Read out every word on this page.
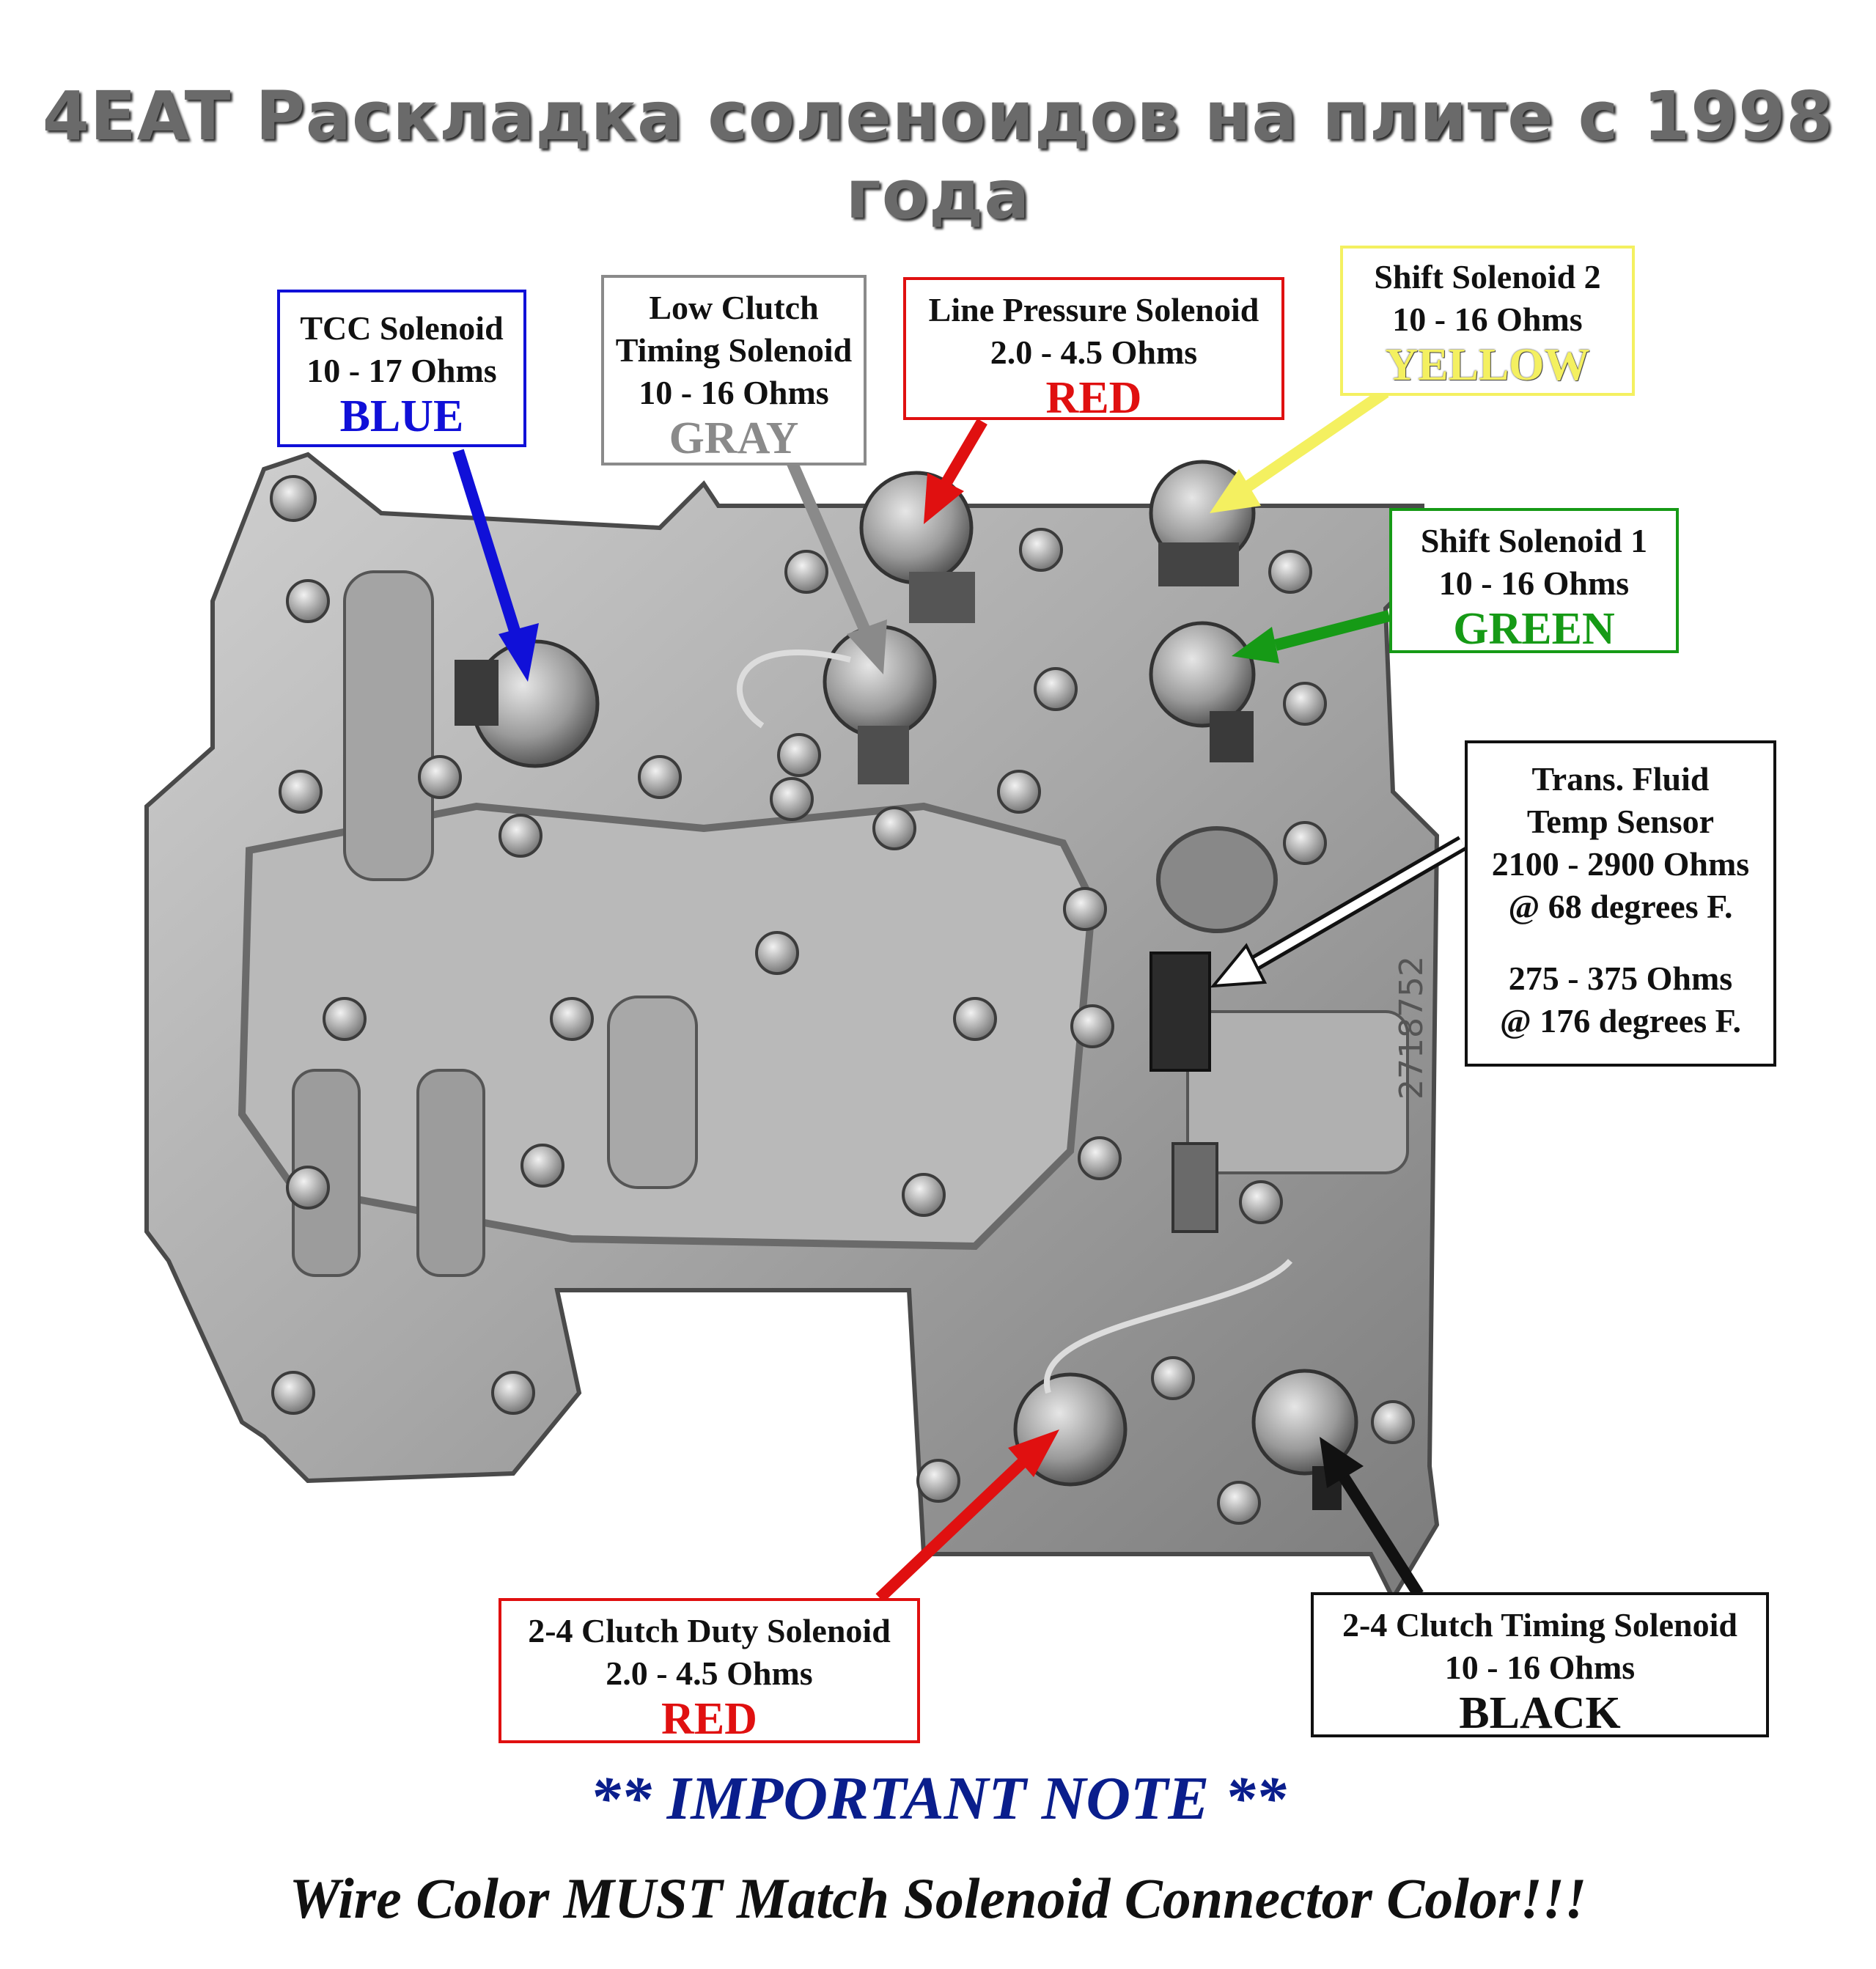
4EAT Раскладка соленоидов на плите с 1998 года
2718752
TCC Solenoid
10 - 17 Ohms
BLUE
Low Clutch
Timing Solenoid
10 - 16 Ohms
GRAY
Line Pressure Solenoid
2.0 - 4.5 Ohms
RED
Shift Solenoid 2
10 - 16 Ohms
YELLOW
Shift Solenoid 1
10 - 16 Ohms
GREEN
Trans. Fluid
Temp Sensor
2100 - 2900 Ohms
@ 68 degrees F.
275 - 375 Ohms
@ 176 degrees F.
2-4 Clutch Duty Solenoid
2.0 - 4.5 Ohms
RED
2-4 Clutch Timing Solenoid
10 - 16 Ohms
BLACK
** IMPORTANT NOTE **
Wire Color MUST Match Solenoid Connector Color!!!
